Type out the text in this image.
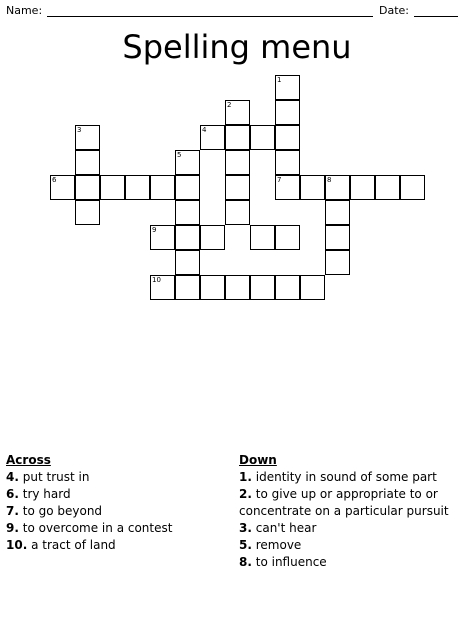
Name:	Date:
Spelling menu
1
2
3	4
5
6	7	8
9
10
Across
4. put trust in
6. try hard
7. to go beyond
9. to overcome in a contest
10. a tract of land
Down
1. identity in sound of some part
2. to give up or appropriate to or concentrate on a particular pursuit
3. can't hear
5. remove
8. to influence
